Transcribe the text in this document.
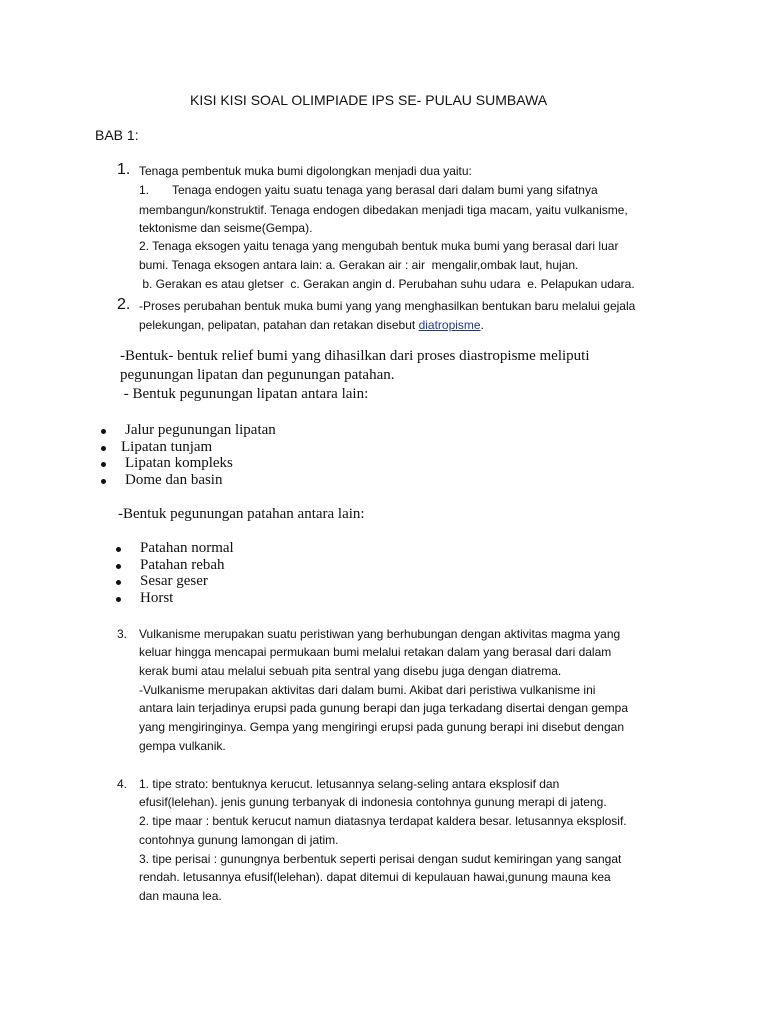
KISI KISI SOAL OLIMPIADE IPS SE- PULAU SUMBAWA
BAB 1:
1. Tenaga pembentuk muka bumi digolongkan menjadi dua yaitu:
1. Tenaga endogen yaitu suatu tenaga yang berasal dari dalam bumi yang sifatnya
membangun/konstruktif. Tenaga endogen dibedakan menjadi tiga macam, yaitu vulkanisme,
tektonisme dan seisme(Gempa).
2. Tenaga eksogen yaitu tenaga yang mengubah bentuk muka bumi yang berasal dari luar
bumi. Tenaga eksogen antara lain: a. Gerakan air : air  mengalir,ombak laut, hujan.
b. Gerakan es atau gletser  c. Gerakan angin d. Perubahan suhu udara  e. Pelapukan udara.
2. -Proses perubahan bentuk muka bumi yang yang menghasilkan bentukan baru melalui gejala
pelekungan, pelipatan, patahan dan retakan disebut diatropisme.
-Bentuk- bentuk relief bumi yang dihasilkan dari proses diastropisme meliputi
pegunungan lipatan dan pegunungan patahan.
- Bentuk pegunungan lipatan antara lain:
Jalur pegunungan lipatan
Lipatan tunjam
Lipatan kompleks
Dome dan basin
-Bentuk pegunungan patahan antara lain:
Patahan normal
Patahan rebah
Sesar geser
Horst
3. Vulkanisme merupakan suatu peristiwan yang berhubungan dengan aktivitas magma yang
keluar hingga mencapai permukaan bumi melalui retakan dalam yang berasal dari dalam
kerak bumi atau melalui sebuah pita sentral yang disebu juga dengan diatrema.
-Vulkanisme merupakan aktivitas dari dalam bumi. Akibat dari peristiwa vulkanisme ini
antara lain terjadinya erupsi pada gunung berapi dan juga terkadang disertai dengan gempa
yang mengiringinya. Gempa yang mengiringi erupsi pada gunung berapi ini disebut dengan
gempa vulkanik.
4. 1. tipe strato: bentuknya kerucut. letusannya selang-seling antara eksplosif dan
efusif(lelehan). jenis gunung terbanyak di indonesia contohnya gunung merapi di jateng.
2. tipe maar : bentuk kerucut namun diatasnya terdapat kaldera besar. letusannya eksplosif.
contohnya gunung lamongan di jatim.
3. tipe perisai : gunungnya berbentuk seperti perisai dengan sudut kemiringan yang sangat
rendah. letusannya efusif(lelehan). dapat ditemui di kepulauan hawai,gunung mauna kea
dan mauna lea.
